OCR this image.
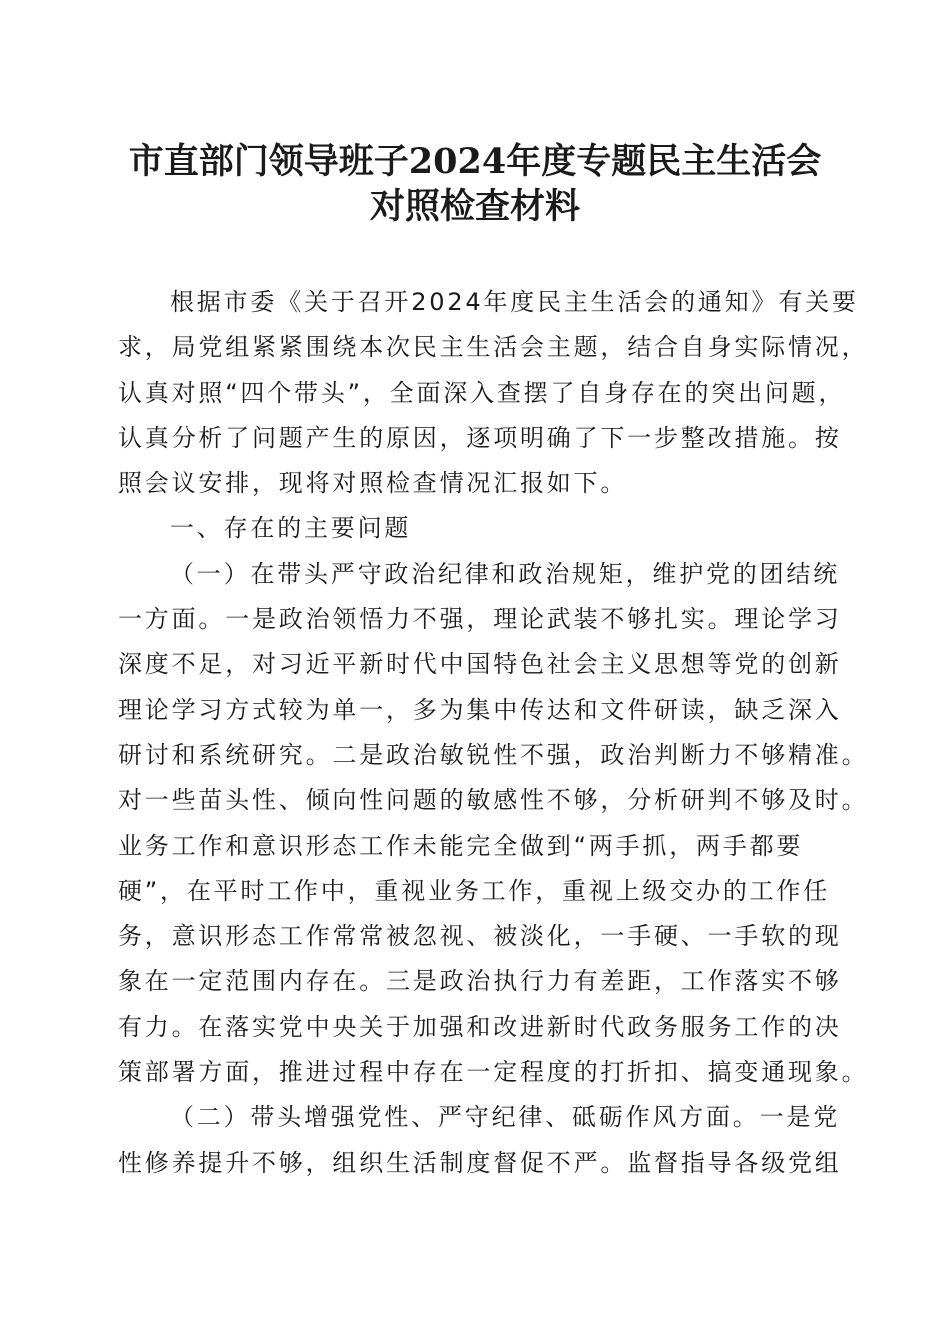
市直部门领导班子2024年度专题民主生活会
对照检查材料
根据市委《关于召开2024年度民主生活会的通知》有关要
求，局党组紧紧围绕本次民主生活会主题，结合自身实际情况，
认真对照“四个带头”，全面深入查摆了自身存在的突出问题，
认真分析了问题产生的原因，逐项明确了下一步整改措施。按
照会议安排，现将对照检查情况汇报如下。
一、存在的主要问题
（一）在带头严守政治纪律和政治规矩，维护党的团结统
一方面。一是政治领悟力不强，理论武装不够扎实。理论学习
深度不足，对习近平新时代中国特色社会主义思想等党的创新
理论学习方式较为单一，多为集中传达和文件研读，缺乏深入
研讨和系统研究。二是政治敏锐性不强，政治判断力不够精准。
对一些苗头性、倾向性问题的敏感性不够，分析研判不够及时。
业务工作和意识形态工作未能完全做到“两手抓，两手都要
硬”，在平时工作中，重视业务工作，重视上级交办的工作任
务，意识形态工作常常被忽视、被淡化，一手硬、一手软的现
象在一定范围内存在。三是政治执行力有差距，工作落实不够
有力。在落实党中央关于加强和改进新时代政务服务工作的决
策部署方面，推进过程中存在一定程度的打折扣、搞变通现象。
（二）带头增强党性、严守纪律、砥砺作风方面。一是党
性修养提升不够，组织生活制度督促不严。监督指导各级党组
